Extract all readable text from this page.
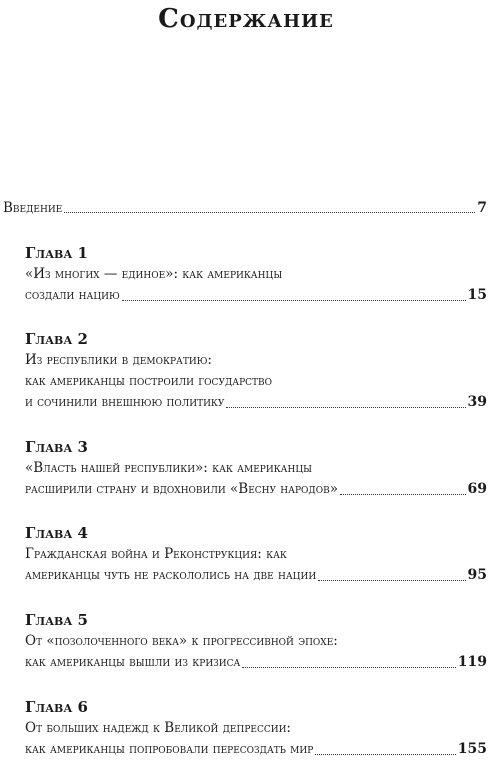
Содержание
Введение	7
Глава 1
«Из многих — единое»: как американцы
создали нацию	15
Глава 2
Из республики в демократию:
как американцы построили государство
и сочинили внешнюю политику	39
Глава 3
«Власть нашей республики»: как американцы
расширили страну и вдохновили «Весну народов»	69
Глава 4
Гражданская война и Реконструкция: как
американцы чуть не раскололись на две нации	95
Глава 5
От «позолоченного века» к прогрессивной эпохе:
как американцы вышли из кризиса	119
Глава 6
От больших надежд к Великой депрессии:
как американцы попробовали пересоздать мир	155
